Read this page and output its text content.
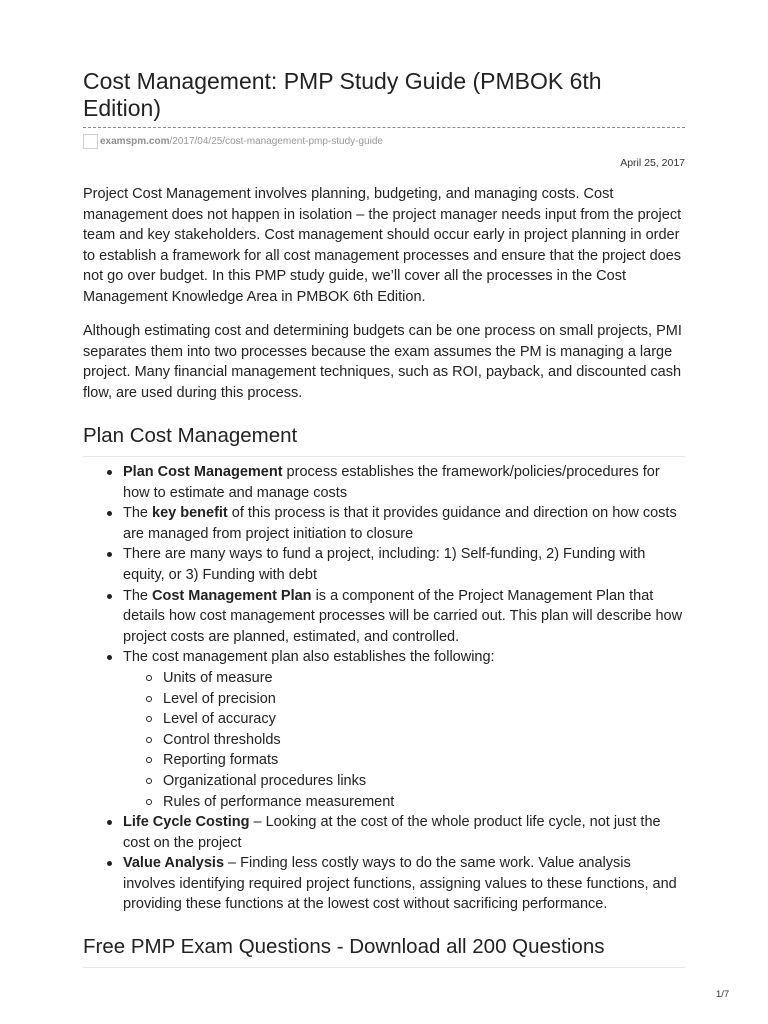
Cost Management: PMP Study Guide (PMBOK 6th Edition)
examspm.com /2017/04/25/cost-management-pmp-study-guide
April 25, 2017

Project Cost Management involves planning, budgeting, and managing costs. Cost management does not happen in isolation – the project manager needs input from the project team and key stakeholders. Cost management should occur early in project planning in order to establish a framework for all cost management processes and ensure that the project does not go over budget. In this PMP study guide, we’ll cover all the processes in the Cost Management Knowledge Area in PMBOK 6th Edition.

Although estimating cost and determining budgets can be one process on small projects, PMI separates them into two processes because the exam assumes the PM is managing a large project. Many financial management techniques, such as ROI, payback, and discounted cash flow, are used during this process.

Plan Cost Management
Plan Cost Management process establishes the framework/policies/procedures for how to estimate and manage costs
The key benefit of this process is that it provides guidance and direction on how costs are managed from project initiation to closure
There are many ways to fund a project, including: 1) Self-funding, 2) Funding with equity, or 3) Funding with debt
The Cost Management Plan is a component of the Project Management Plan that details how cost management processes will be carried out. This plan will describe how project costs are planned, estimated, and controlled.
The cost management plan also establishes the following:
Units of measure
Level of precision
Level of accuracy
Control thresholds
Reporting formats
Organizational procedures links
Rules of performance measurement
Life Cycle Costing – Looking at the cost of the whole product life cycle, not just the cost on the project
Value Analysis – Finding less costly ways to do the same work. Value analysis involves identifying required project functions, assigning values to these functions, and providing these functions at the lowest cost without sacrificing performance.
Free PMP Exam Questions - Download all 200 Questions
1/7
